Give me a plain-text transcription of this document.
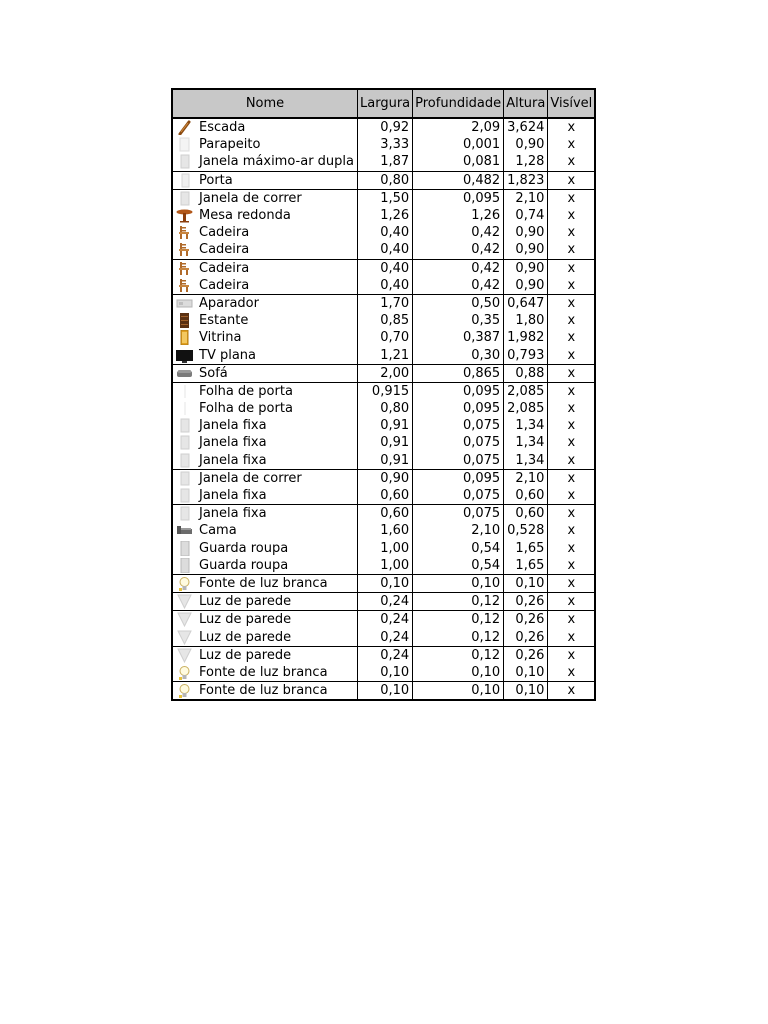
Nome	Largura	Profundidade	Altura	Visível

Escada	0,92	2,09	3,624	x

Parapeito	3,33	0,001	0,90	x

Janela máximo-ar dupla	1,87	0,081	1,28	x

Porta	0,80	0,482	1,823	x

Janela de correr	1,50	0,095	2,10	x

Mesa redonda	1,26	1,26	0,74	x

Cadeira	0,40	0,42	0,90	x

Cadeira	0,40	0,42	0,90	x

Cadeira	0,40	0,42	0,90	x

Cadeira	0,40	0,42	0,90	x

Aparador	1,70	0,50	0,647	x

Estante	0,85	0,35	1,80	x

Vitrina	0,70	0,387	1,982	x

TV plana	1,21	0,30	0,793	x

Sofá	2,00	0,865	0,88	x

Folha de porta	0,915	0,095	2,085	x

Folha de porta	0,80	0,095	2,085	x

Janela fixa	0,91	0,075	1,34	x

Janela fixa	0,91	0,075	1,34	x

Janela fixa	0,91	0,075	1,34	x

Janela de correr	0,90	0,095	2,10	x

Janela fixa	0,60	0,075	0,60	x

Janela fixa	0,60	0,075	0,60	x

Cama	1,60	2,10	0,528	x

Guarda roupa	1,00	0,54	1,65	x

Guarda roupa	1,00	0,54	1,65	x

Fonte de luz branca	0,10	0,10	0,10	x

Luz de parede	0,24	0,12	0,26	x

Luz de parede	0,24	0,12	0,26	x

Luz de parede	0,24	0,12	0,26	x

Luz de parede	0,24	0,12	0,26	x

Fonte de luz branca	0,10	0,10	0,10	x

Fonte de luz branca	0,10	0,10	0,10	x
